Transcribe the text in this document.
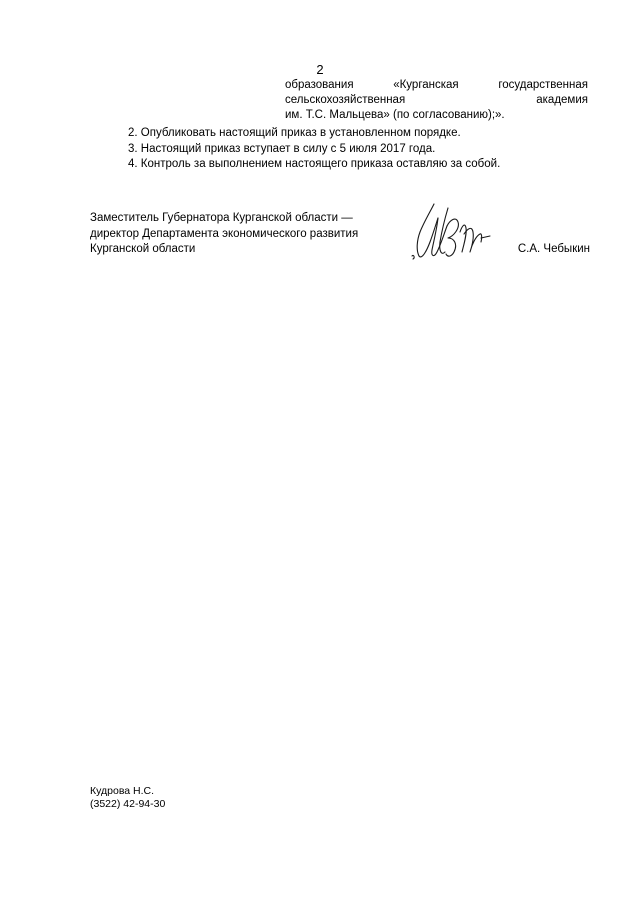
2
образования	«Курганская	государственная
сельскохозяйственная	академия
им. Т.С. Мальцева» (по согласованию);».
2. Опубликовать настоящий приказ в установленном порядке.
3. Настоящий приказ вступает в силу с 5 июля 2017 года.
4. Контроль за выполнением настоящего приказа оставляю за собой.
Заместитель Губернатора Курганской области —
директор Департамента экономического развития
Курганской области	С.А. Чебыкин
Кудрова Н.С.
(3522) 42-94-30
